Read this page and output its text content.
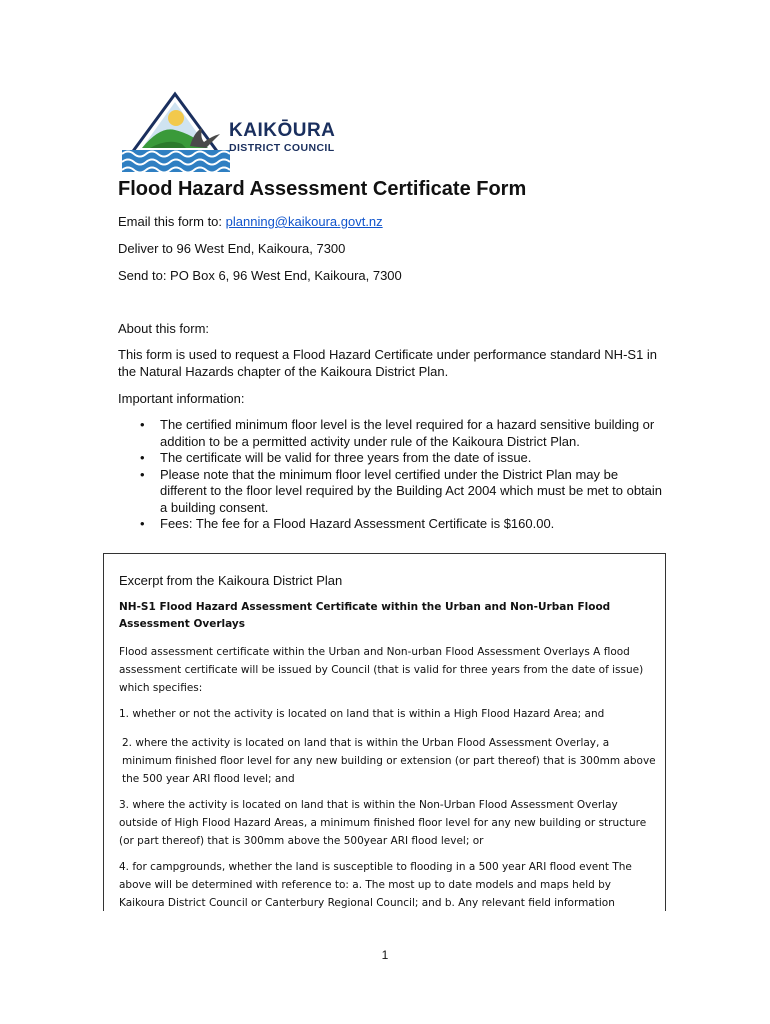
KAIKŌURA
DISTRICT COUNCIL
Flood Hazard Assessment Certificate Form
Email this form to: planning@kaikoura.govt.nz
Deliver to 96 West End, Kaikoura, 7300
Send to: PO Box 6, 96 West End, Kaikoura, 7300
About this form:
This form is used to request a Flood Hazard Certificate under performance standard NH-S1 in the Natural Hazards chapter of the Kaikoura District Plan.
Important information:
• The certified minimum floor level is the level required for a hazard sensitive building or addition to be a permitted activity under rule of the Kaikoura District Plan.
• The certificate will be valid for three years from the date of issue.
• Please note that the minimum floor level certified under the District Plan may be different to the floor level required by the Building Act 2004 which must be met to obtain a building consent.
• Fees: The fee for a Flood Hazard Assessment Certificate is $160.00.
Excerpt from the Kaikoura District Plan
NH-S1 Flood Hazard Assessment Certificate within the Urban and Non-Urban Flood Assessment Overlays
Flood assessment certificate within the Urban and Non-urban Flood Assessment Overlays A flood assessment certificate will be issued by Council (that is valid for three years from the date of issue) which specifies:
1. whether or not the activity is located on land that is within a High Flood Hazard Area; and
2. where the activity is located on land that is within the Urban Flood Assessment Overlay, a minimum finished floor level for any new building or extension (or part thereof) that is 300mm above the 500 year ARI flood level; and
3. where the activity is located on land that is within the Non-Urban Flood Assessment Overlay outside of High Flood Hazard Areas, a minimum finished floor level for any new building or structure (or part thereof) that is 300mm above the 500year ARI flood level; or
4. for campgrounds, whether the land is susceptible to flooding in a 500 year ARI flood event The above will be determined with reference to: a. The most up to date models and maps held by Kaikoura District Council or Canterbury Regional Council; and b. Any relevant field information
1
